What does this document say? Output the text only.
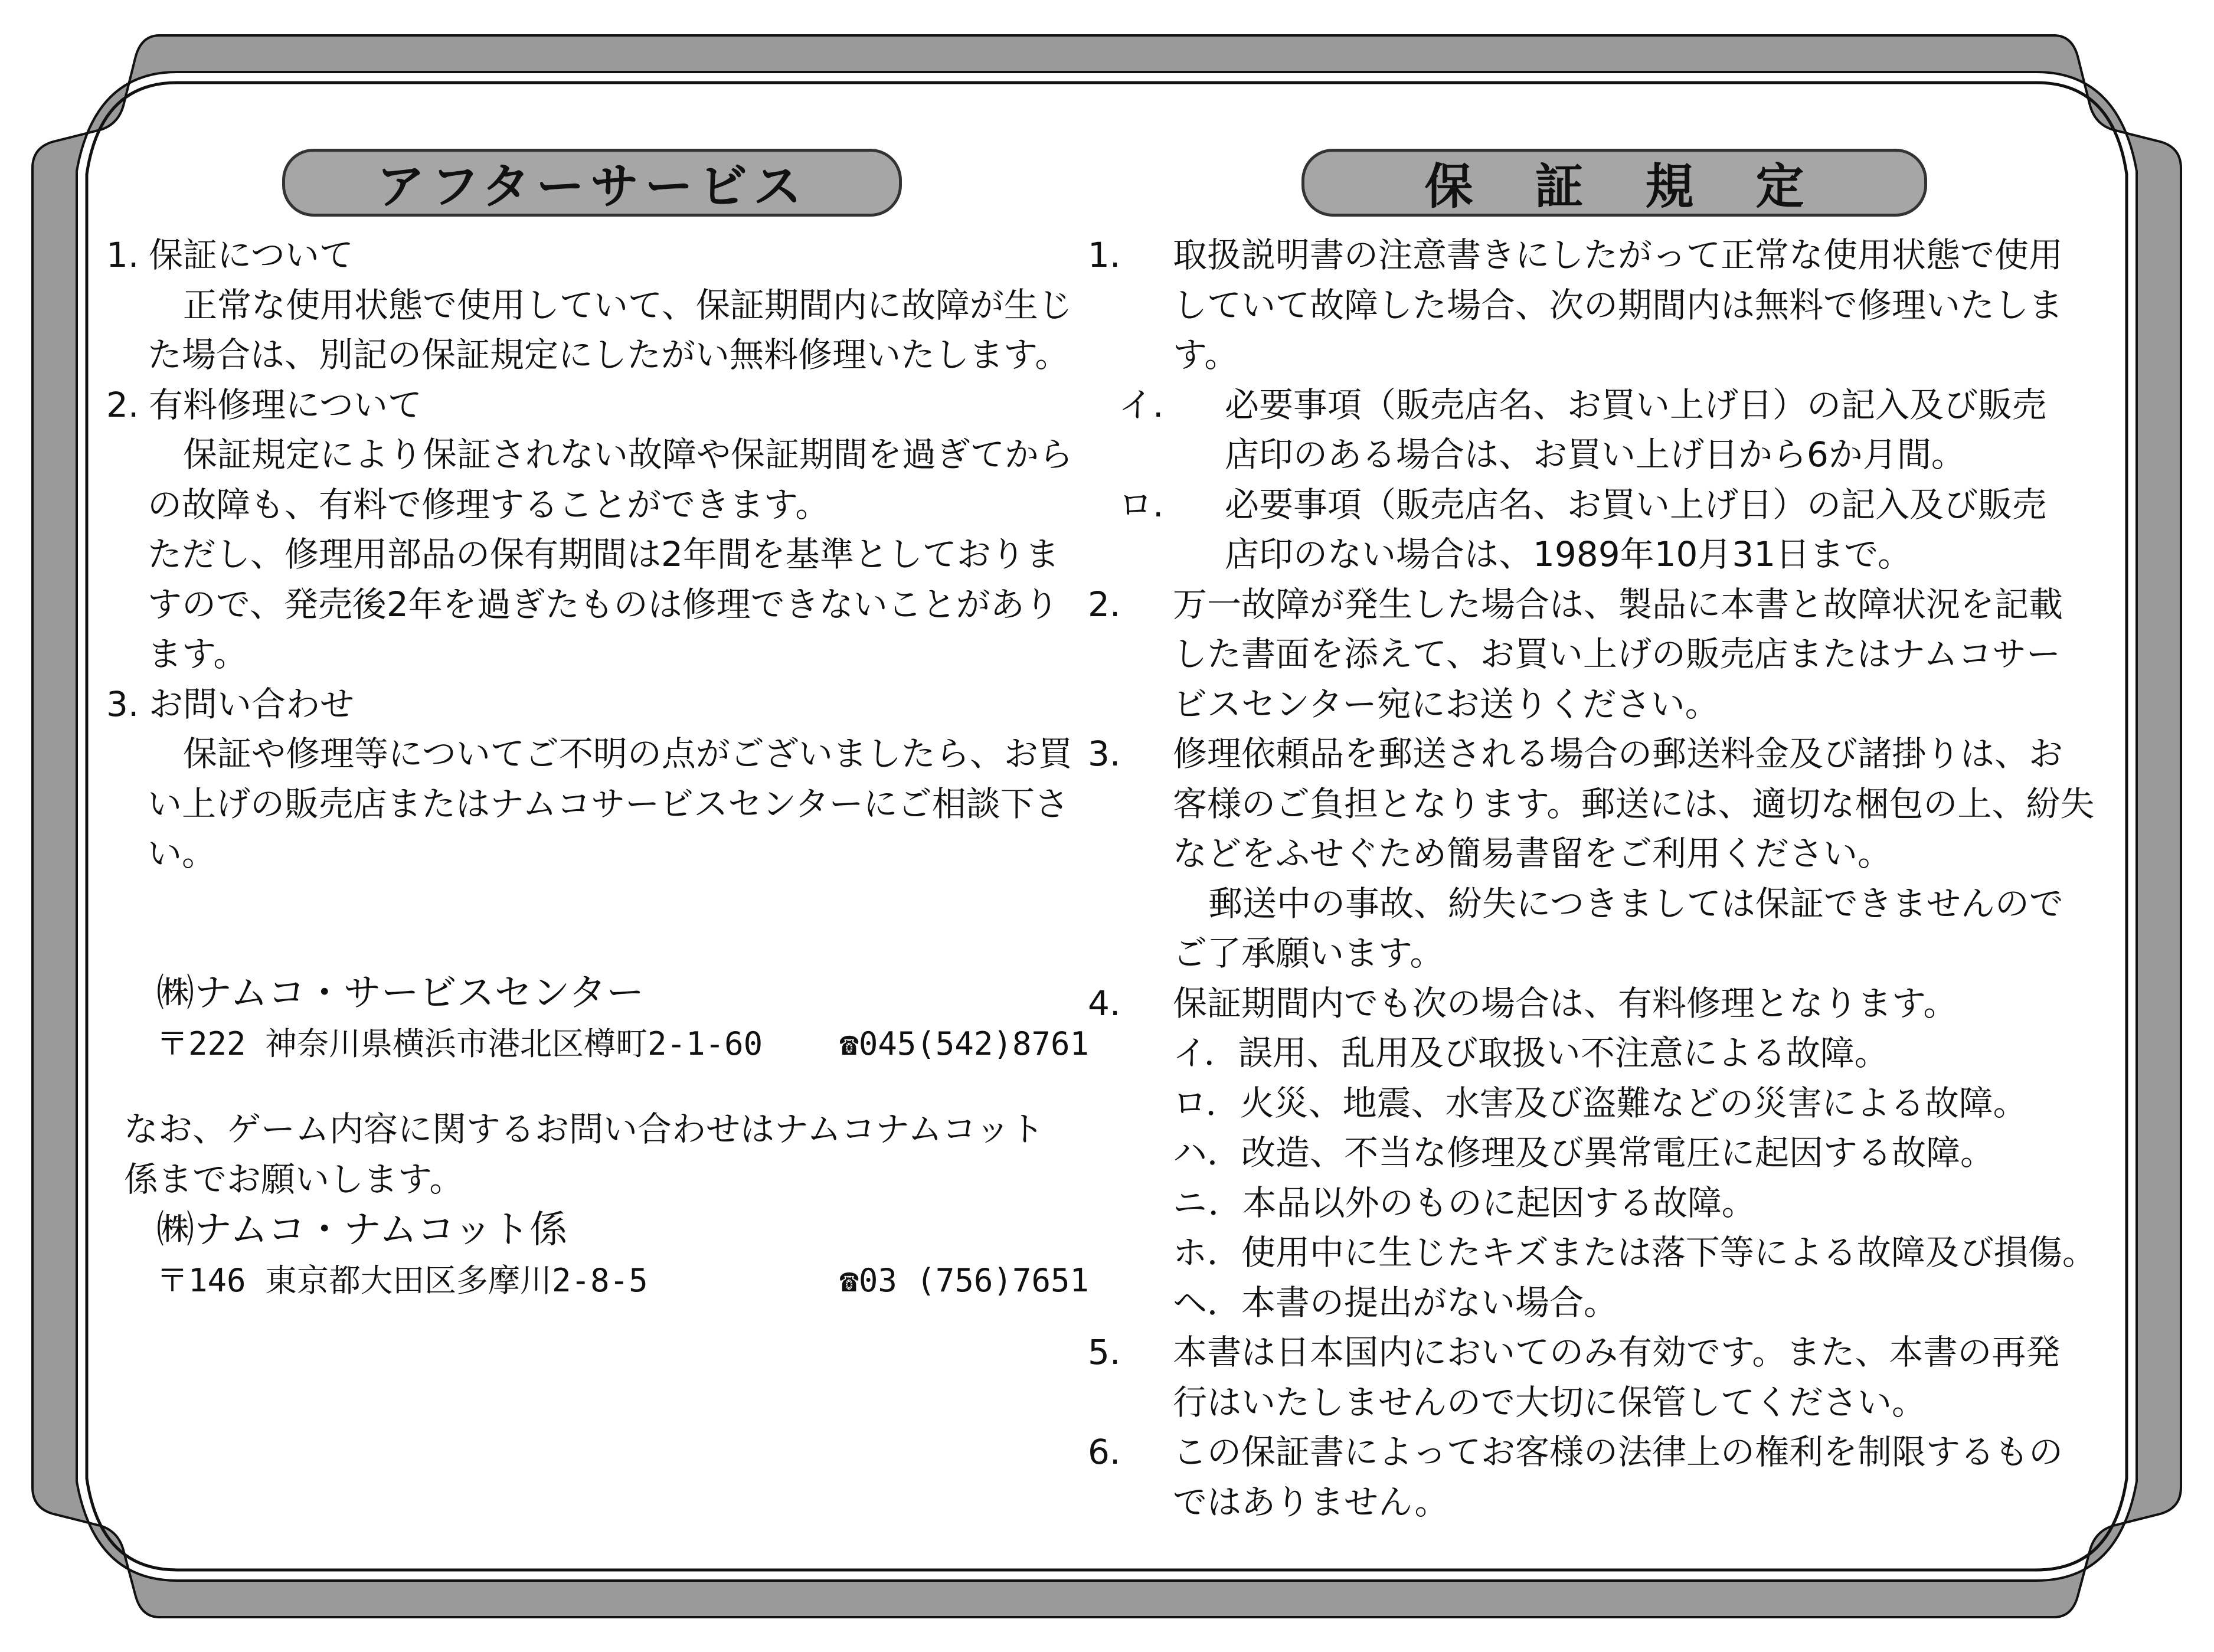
アフターサービス	保証規定

1. 保証について

正常な使用状態で使用していて、保証期間内に故障が生じ
た場合は、別記の保証規定にしたがい無料修理いたします。

2. 有料修理について

保証規定により保証されない故障や保証期間を過ぎてから
の故障も、有料で修理することができます。

ただし、修理用部品の保有期間は2年間を基準としておりま
すので、発売後2年を過ぎたものは修理できないことがあり
ます。

3. お問い合わせ

保証や修理等についてご不明の点がございましたら、お買
い上げの販売店またはナムコサービスセンターにご相談下さい。

㈱ナムコ・サービスセンター

〒222 神奈川県横浜市港北区樽町2-1-60 ☎045(542)8761

なお、ゲーム内容に関するお問い合わせはナムコナムコット
係までお願いします。

㈱ナムコ・ナムコット係

〒146 東京都大田区多摩川2-8-5	☎03 (756)7651

1. 取扱説明書の注意書きにしたがって正常な使用状態で使用
していて故障した場合、次の期間内は無料で修理いたしま
す。

イ. 必要事項（販売店名、お買い上げ日）の記入及び販売
店印のある場合は、お買い上げ日から6か月間。

ロ. 必要事項（販売店名、お買い上げ日）の記入及び販売
店印のない場合は、1989年10月31日まで。

2. 万一故障が発生した場合は、製品に本書と故障状況を記載
した書面を添えて、お買い上げの販売店またはナムコサー
ビスセンター宛にお送りください。

3. 修理依頼品を郵送される場合の郵送料金及び諸掛りは、お
客様のご負担となります。郵送には、適切な梱包の上、紛失
などをふせぐため簡易書留をご利用ください。

郵送中の事故、紛失につきましては保証できませんので
ご了承願います。

4. 保証期間内でも次の場合は、有料修理となります。

イ．誤用、乱用及び取扱い不注意による故障。

ロ．火災、地震、水害及び盗難などの災害による故障。

ハ．改造、不当な修理及び異常電圧に起因する故障。

ニ．本品以外のものに起因する故障。

ホ．使用中に生じたキズまたは落下等による故障及び損傷。

ヘ．本書の提出がない場合。

5. 本書は日本国内においてのみ有効です。また、本書の再発
行はいたしませんので大切に保管してください。

6. この保証書によってお客様の法律上の権利を制限するもの
ではありません。
